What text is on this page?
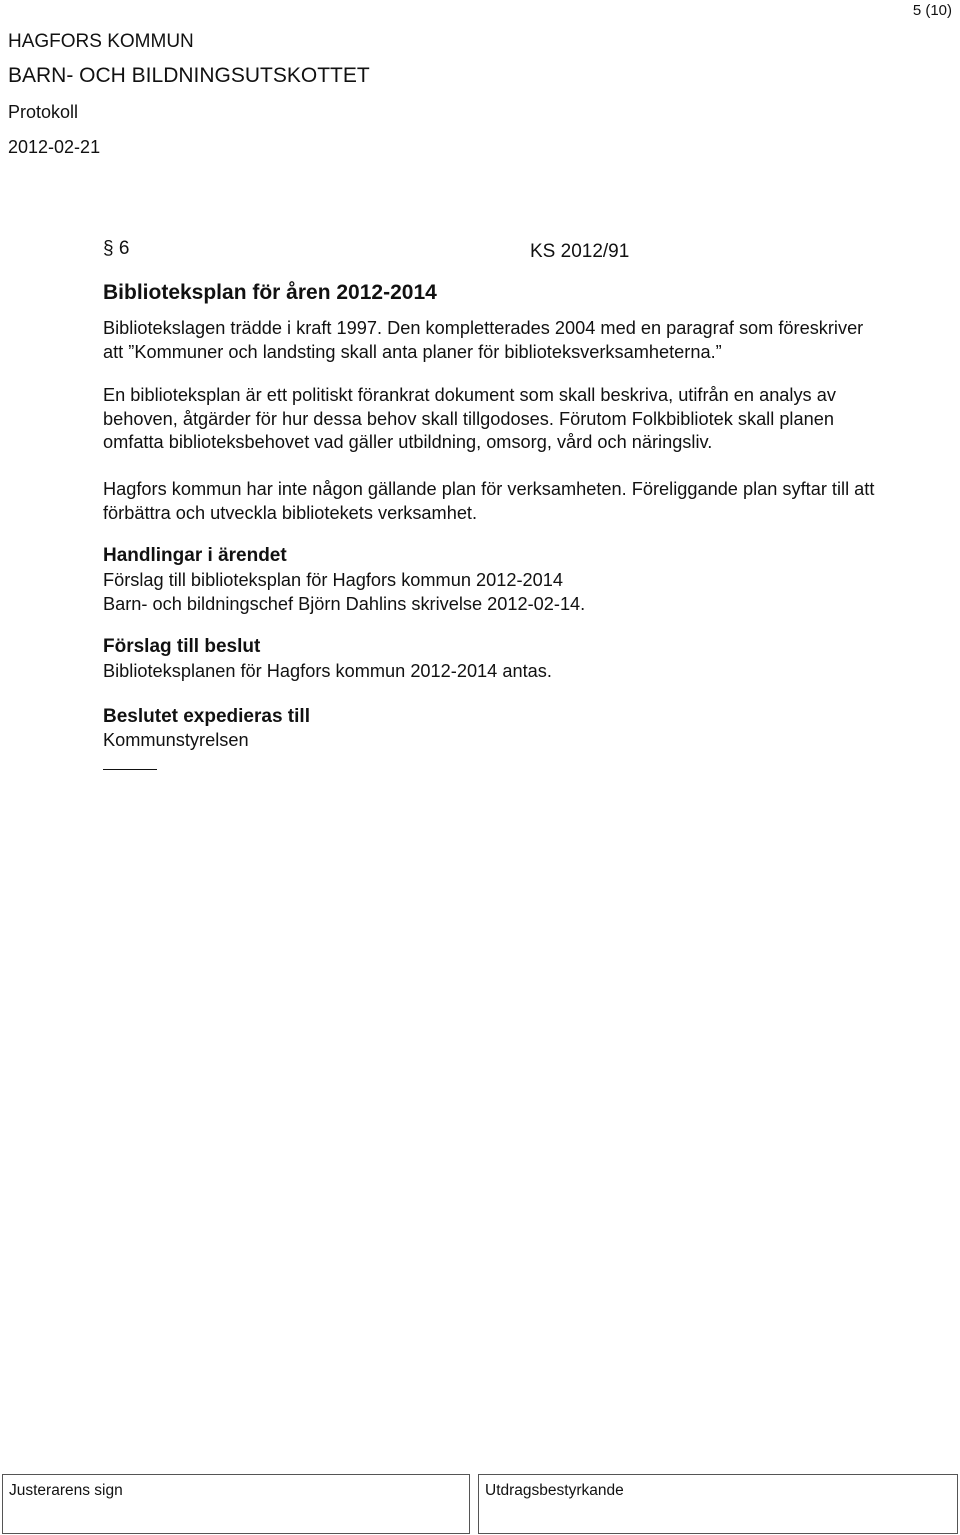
5 (10)
HAGFORS KOMMUN
BARN- OCH BILDNINGSUTSKOTTET
Protokoll
2012-02-21
§ 6	KS 2012/91
Biblioteksplan för åren 2012-2014
Bibliotekslagen trädde i kraft 1997. Den kompletterades 2004 med en paragraf som föreskriver
att ”Kommuner och landsting skall anta planer för biblioteksverksamheterna.”
En biblioteksplan är ett politiskt förankrat dokument som skall beskriva, utifrån en analys av
behoven, åtgärder för hur dessa behov skall tillgodoses. Förutom Folkbibliotek skall planen
omfatta biblioteksbehovet vad gäller utbildning, omsorg, vård och näringsliv.
Hagfors kommun har inte någon gällande plan för verksamheten. Föreliggande plan syftar till att
förbättra och utveckla bibliotekets verksamhet.
Handlingar i ärendet
Förslag till biblioteksplan för Hagfors kommun 2012-2014
Barn- och bildningschef Björn Dahlins skrivelse 2012-02-14.
Förslag till beslut
Biblioteksplanen för Hagfors kommun 2012-2014 antas.
Beslutet expedieras till
Kommunstyrelsen
Justerarens sign	Utdragsbestyrkande
